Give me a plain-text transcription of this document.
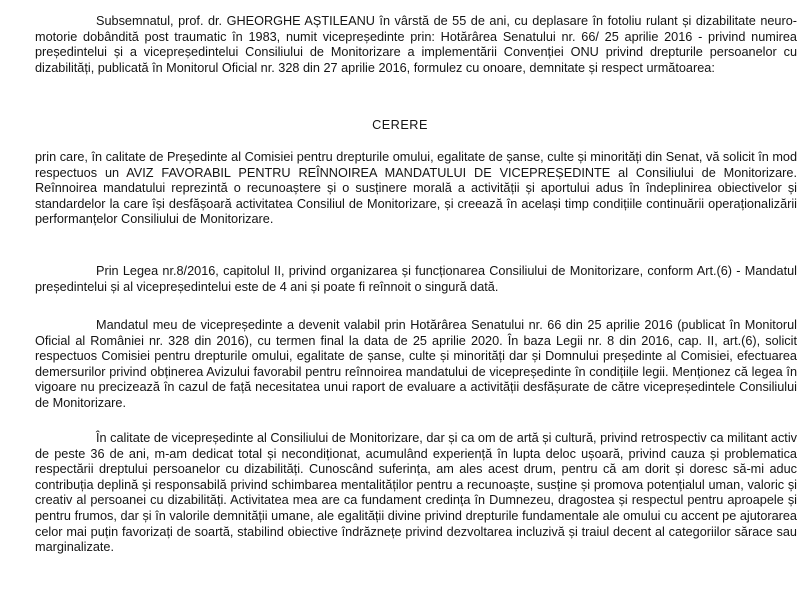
Subsemnatul, prof. dr. GHEORGHE AȘTILEANU în vârstă de 55 de ani, cu deplasare în fotoliu rulant și dizabilitate neuro-motorie dobândită post traumatic în 1983, numit vicepreședinte prin: Hotărârea Senatului nr. 66/ 25 aprilie 2016 - privind numirea președintelui și a vicepreședintelui Consiliului de Monitorizare a implementării Convenției ONU privind drepturile persoanelor cu dizabilități, publicată în Monitorul Oficial nr. 328 din 27 aprilie 2016, formulez cu onoare, demnitate și respect următoarea:

CERERE

prin care, în calitate de Președinte al Comisiei pentru drepturile omului, egalitate de șanse, culte și minorități din Senat, vă solicit în mod respectuos un AVIZ FAVORABIL PENTRU REÎNNOIREA MANDATULUI DE VICEPREȘEDINTE al Consiliului de Monitorizare. Reînnoirea mandatului reprezintă o recunoaștere și o susținere morală a activității și aportului adus în îndeplinirea obiectivelor și standardelor la care își desfășoară activitatea Consiliul de Monitorizare, și creează în același timp condițiile continuării operaționalizării performanțelor Consiliului de Monitorizare.

Prin Legea nr.8/2016, capitolul II, privind organizarea și funcționarea Consiliului de Monitorizare, conform Art.(6) - Mandatul președintelui și al vicepreședintelui este de 4 ani și poate fi reînnoit o singură dată.

Mandatul meu de vicepreședinte a devenit valabil prin Hotărârea Senatului nr. 66 din 25 aprilie 2016 (publicat în Monitorul Oficial al României nr. 328 din 2016), cu termen final la data de 25 aprilie 2020. În baza Legii nr. 8 din 2016, cap. II, art.(6), solicit respectuos Comisiei pentru drepturile omului, egalitate de șanse, culte și minorități dar și Domnului președinte al Comisiei, efectuarea demersurilor privind obținerea Avizului favorabil pentru reînnoirea mandatului de vicepreședinte în condițiile legii. Menționez că legea în vigoare nu precizează în cazul de față necesitatea unui raport de evaluare a activității desfășurate de către vicepreședintele Consiliului de Monitorizare.

În calitate de vicepreședinte al Consiliului de Monitorizare, dar și ca om de artă și cultură, privind retrospectiv ca militant activ de peste 36 de ani, m-am dedicat total și necondiționat, acumulând experiență în lupta deloc ușoară, privind cauza și problematica respectării dreptului persoanelor cu dizabilități. Cunoscând suferința, am ales acest drum, pentru că am dorit și doresc să-mi aduc contribuția deplină și responsabilă privind schimbarea mentalităților pentru a recunoaște, susține și promova potențialul uman, valoric și creativ al persoanei cu dizabilități. Activitatea mea are ca fundament credința în Dumnezeu, dragostea și respectul pentru aproapele și pentru frumos, dar și în valorile demnității umane, ale egalității divine privind drepturile fundamentale ale omului cu accent pe ajutorarea celor mai puțin favorizați de soartă, stabilind obiective îndrăznețe privind dezvoltarea incluzivă și traiul decent al categoriilor sărace sau marginalizate.
